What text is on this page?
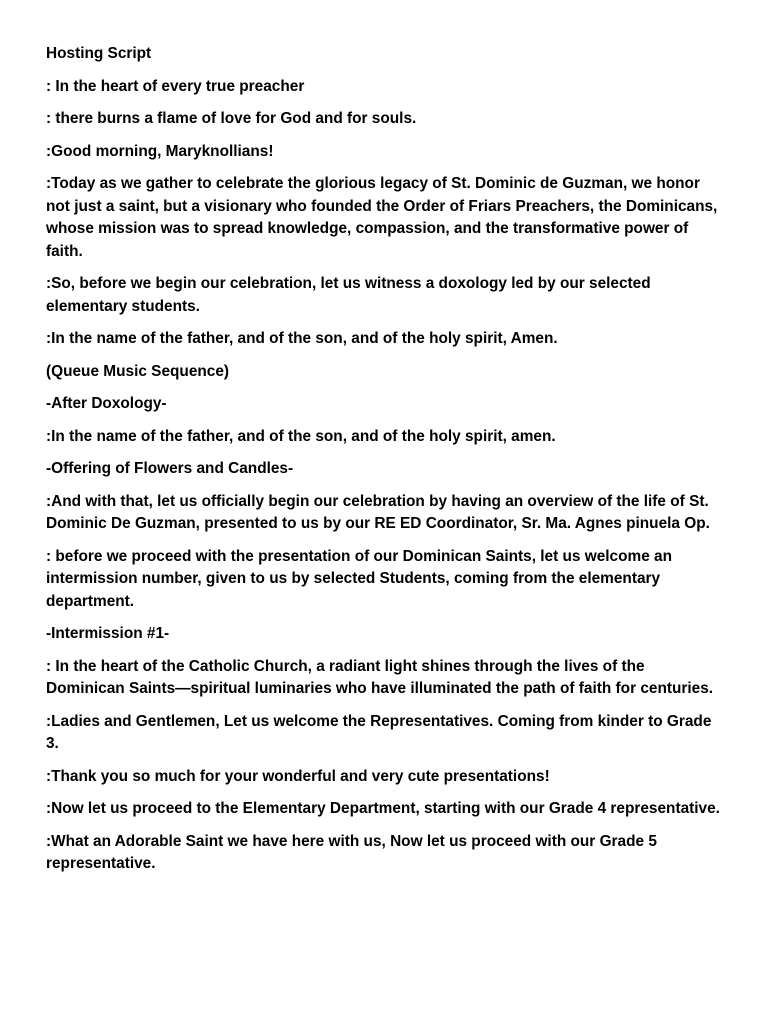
Hosting Script

: In the heart of every true preacher

: there burns a flame of love for God and for souls.

:Good morning, Maryknollians!

:Today as we gather to celebrate the glorious legacy of St. Dominic de Guzman, we honor not just a saint, but a visionary who founded the Order of Friars Preachers, the Dominicans, whose mission was to spread knowledge, compassion, and the transformative power of faith.

:So, before we begin our celebration, let us witness a doxology led by our selected elementary students.

:In the name of the father, and of the son, and of the holy spirit, Amen.

(Queue Music Sequence)

-After Doxology-

:In the name of the father, and of the son, and of the holy spirit, amen.

-Offering of Flowers and Candles-

:And with that, let us officially begin our celebration by having an overview of the life of St. Dominic De Guzman, presented to us by our RE ED Coordinator, Sr. Ma. Agnes pinuela Op.

: before we proceed with the presentation of our Dominican Saints, let us welcome an intermission number, given to us by selected Students, coming from the elementary department.

-Intermission #1-

: In the heart of the Catholic Church, a radiant light shines through the lives of the Dominican Saints—spiritual luminaries who have illuminated the path of faith for centuries.

:Ladies and Gentlemen, Let us welcome the Representatives. Coming from kinder to Grade 3.

:Thank you so much for your wonderful and very cute presentations!

:Now let us proceed to the Elementary Department, starting with our Grade 4 representative.

:What an Adorable Saint we have here with us, Now let us proceed with our Grade 5 representative.
